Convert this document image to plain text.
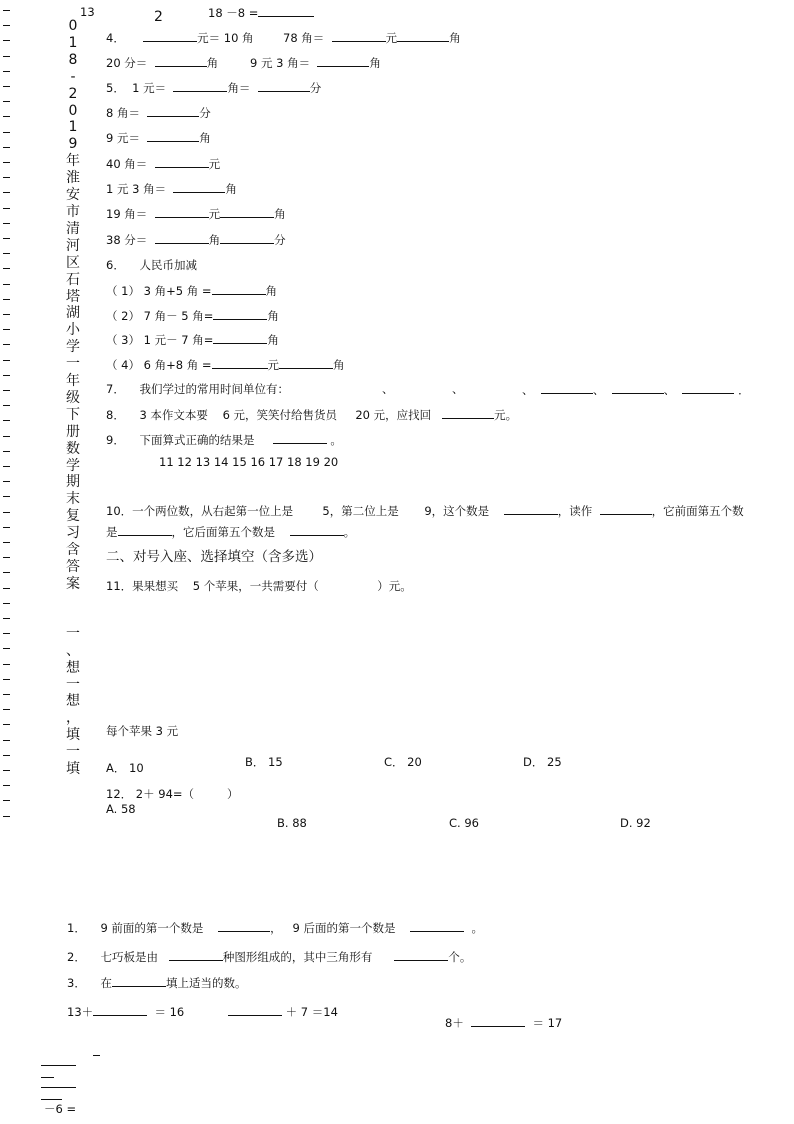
0
1
8
-
2
0
1
9
年
淮
安
市
清
河
区
石
塔
湖
小
学
一
年
级
下
册
数
学
期
末
复
习
含
答
案

一
、
想
一
想
，
填
一
填
13	2	18 －8 =
4．	元＝ 10 角	78 角＝	元	角
20 分＝	角	9 元 3 角＝	角
5． 1 元＝	角＝	分
8 角＝	分
9 元＝	角
40 角＝	元
1 元 3 角＝	角
19 角＝	元	角
38 分＝	角	分
6． 人民币加减
（ 1） 3 角+5 角 =	角
（ 2） 7 角－ 5 角=	角
（ 3） 1 元－ 7 角=	角
（ 4） 6 角+8 角 =	元	角
7． 我们学过的常用时间单位有：	、	、	、	、	、	．
8． 3 本作文本要 6 元，笑笑付给售货员 20 元，应找回	元。
9． 下面算式正确的结果是	。
11 12 13 14 15 16 17 18 19 20
10．一个两位数，从右起第一位上是	5，第二位上是 9，这个数是	，读作	，它前面第五个数
是	，它后面第五个数是	。
二、对号入座、选择填空（含多选）
11．果果想买 5 个苹果，一共需要付（	）元。
每个苹果 3 元
A． 10	B． 15	C． 20	D． 25
12． 2＋ 94=（	）
A. 58
B. 88	C. 96	D. 92
1． 9 前面的第一个数是	， 9 后面的第一个数是	。
2． 七巧板是由	种图形组成的，其中三角形有	个。
3． 在	填上适当的数。
13＋	＝ 16	＋ 7 ＝14
8＋	＝ 17
－6 =
